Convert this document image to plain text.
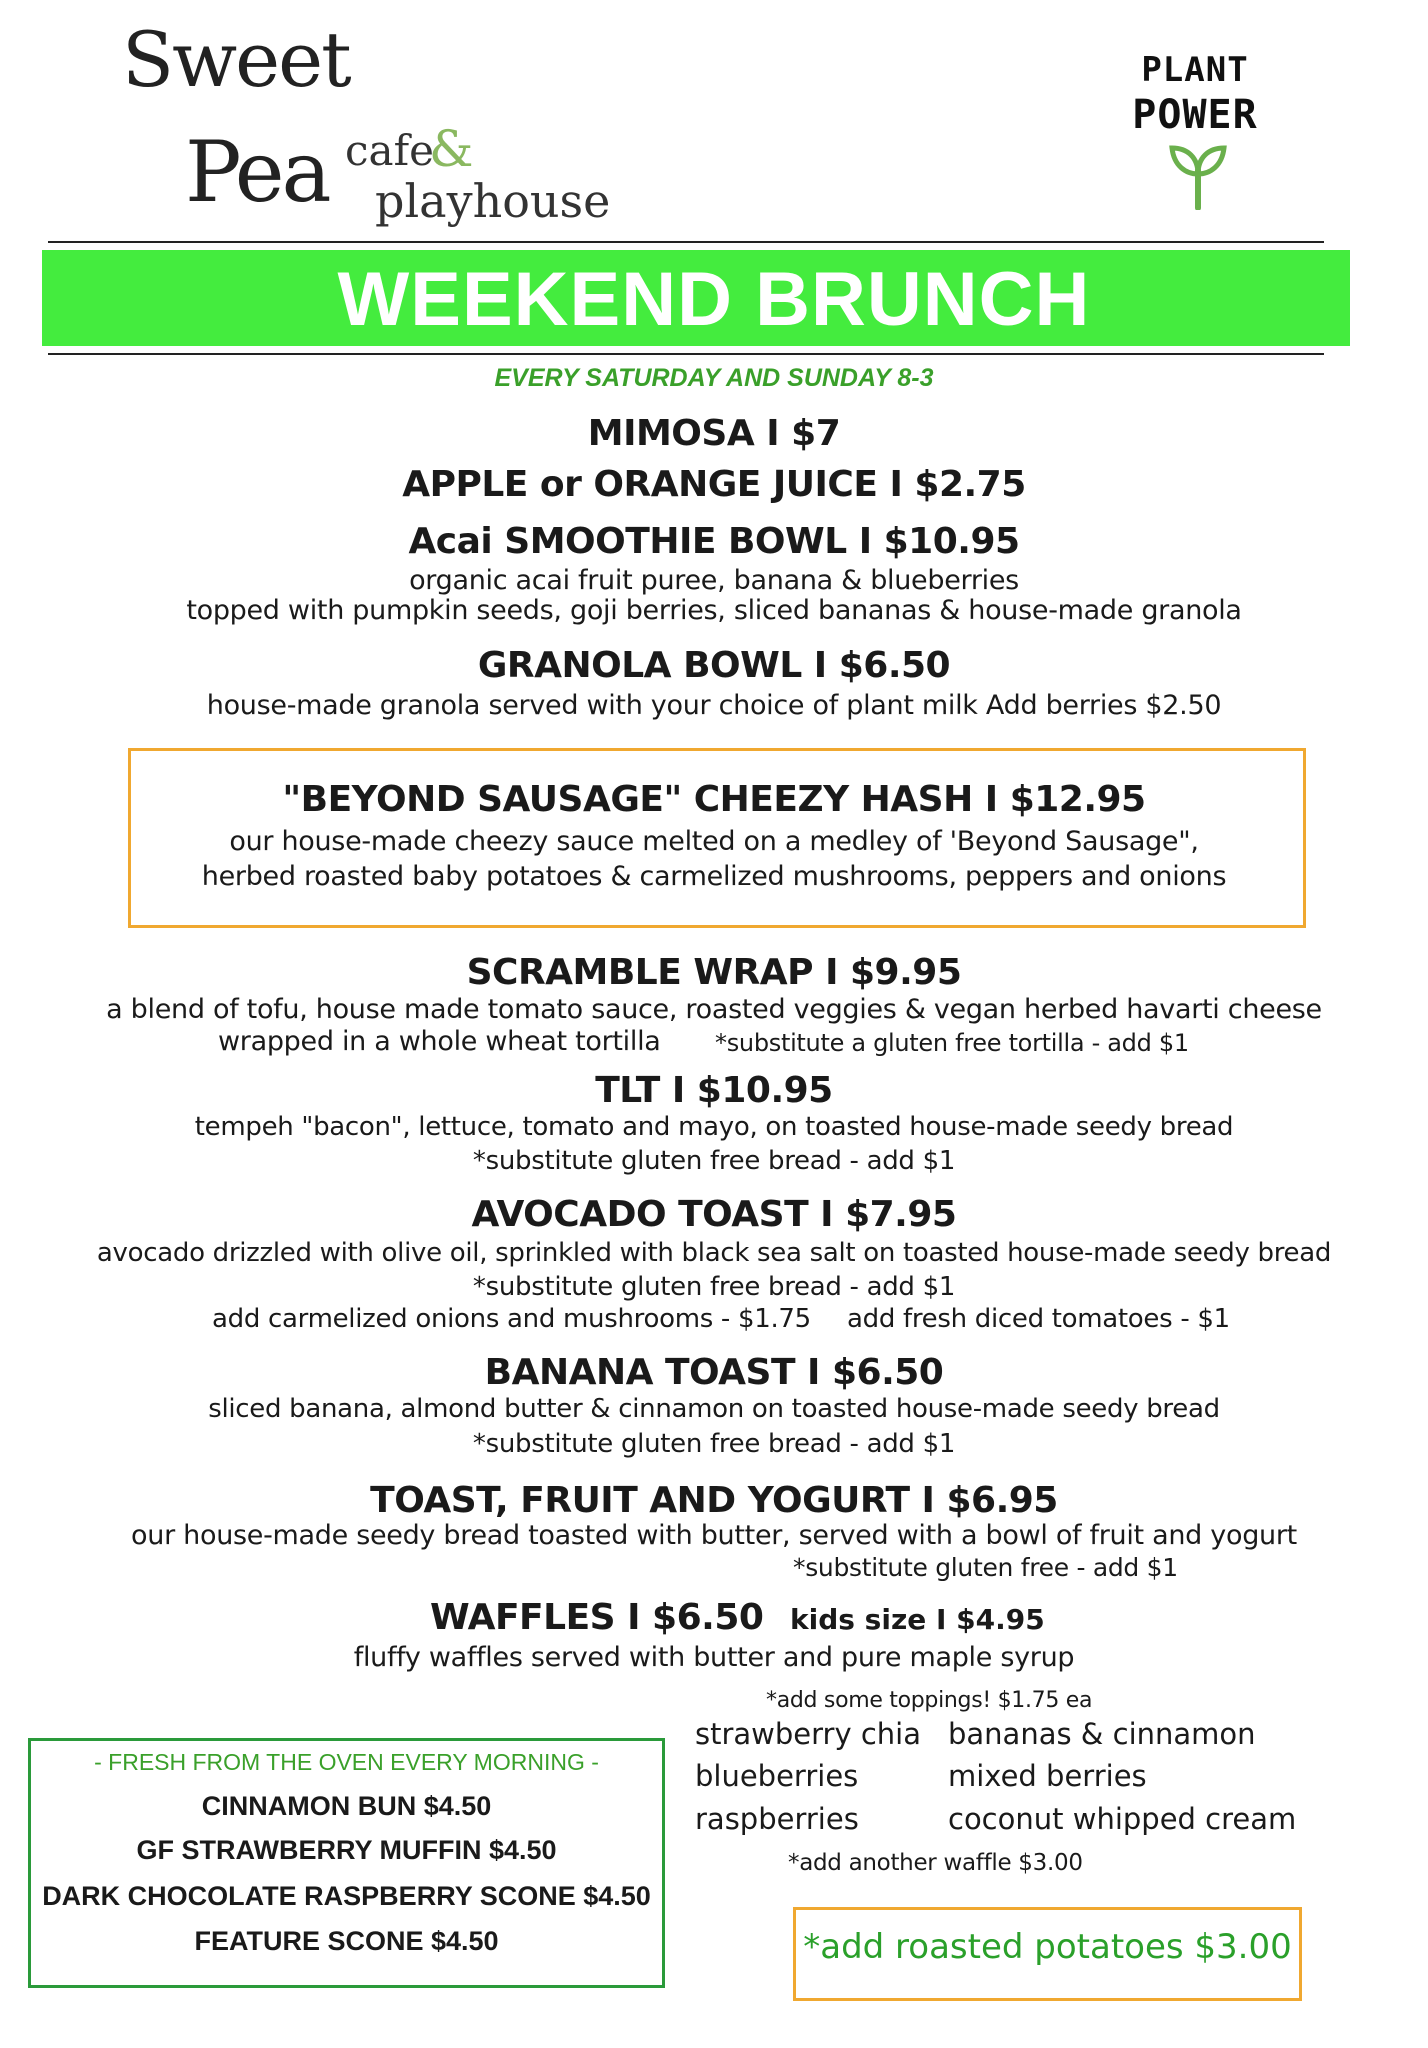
Sweet
Pea cafe
&
playhouse
PLANT
POWER
WEEKEND BRUNCH
EVERY SATURDAY AND SUNDAY 8-3
MIMOSA I $7
APPLE or ORANGE JUICE I $2.75
Acai SMOOTHIE BOWL I $10.95
organic acai fruit puree, banana & blueberries
topped with pumpkin seeds, goji berries, sliced bananas & house-made granola
GRANOLA BOWL I $6.50
house-made granola served with your choice of plant milk Add berries $2.50
"BEYOND SAUSAGE" CHEEZY HASH I $12.95
our house-made cheezy sauce melted on a medley of 'Beyond Sausage",
herbed roasted baby potatoes & carmelized mushrooms, peppers and onions
SCRAMBLE WRAP I $9.95
a blend of tofu, house made tomato sauce, roasted veggies & vegan herbed havarti cheese
wrapped in a whole wheat tortilla *substitute a gluten free tortilla - add $1
TLT I $10.95
tempeh "bacon", lettuce, tomato and mayo, on toasted house-made seedy bread
*substitute gluten free bread - add $1
AVOCADO TOAST I $7.95
avocado drizzled with olive oil, sprinkled with black sea salt on toasted house-made seedy bread
*substitute gluten free bread - add $1
add carmelized onions and mushrooms - $1.75 add fresh diced tomatoes - $1
BANANA TOAST I $6.50
sliced banana, almond butter & cinnamon on toasted house-made seedy bread
*substitute gluten free bread - add $1
TOAST, FRUIT AND YOGURT I $6.95
our house-made seedy bread toasted with butter, served with a bowl of fruit and yogurt
*substitute gluten free - add $1
WAFFLES I $6.50 kids size I $4.95
fluffy waffles served with butter and pure maple syrup
*add some toppings! $1.75 ea
strawberry chia
blueberries
raspberries
bananas & cinnamon
mixed berries
coconut whipped cream
*add another waffle $3.00
- FRESH FROM THE OVEN EVERY MORNING -
CINNAMON BUN $4.50
GF STRAWBERRY MUFFIN $4.50
DARK CHOCOLATE RASPBERRY SCONE $4.50
FEATURE SCONE $4.50	*add roasted potatoes $3.00
